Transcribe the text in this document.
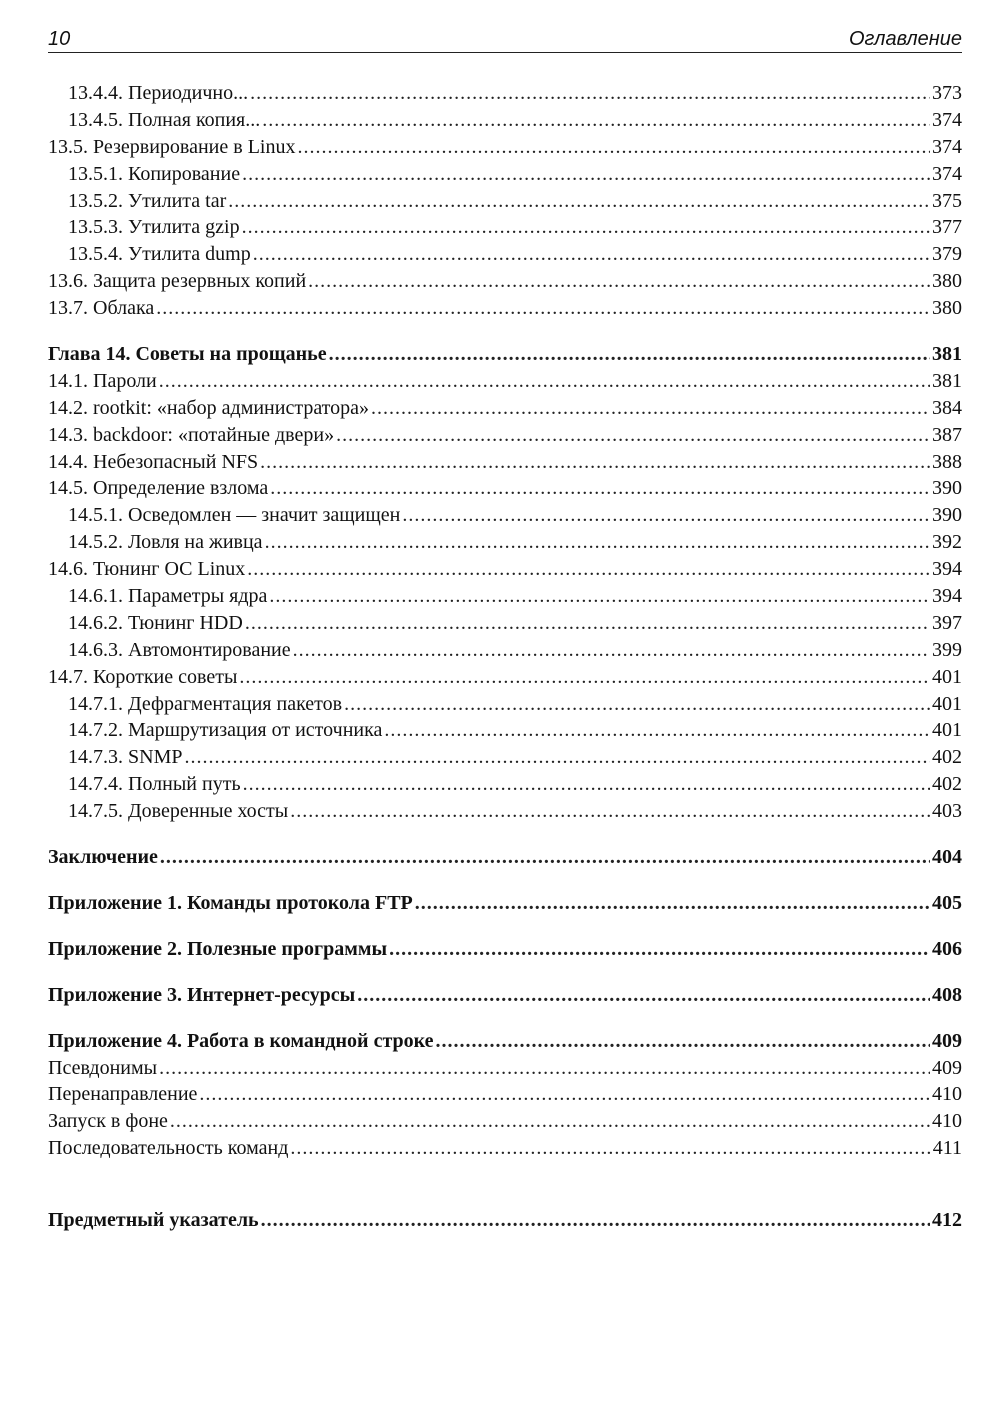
10	Оглавление
13.4.4. Периодично... .....	373
13.4.5. Полная копия... .....	374
13.5. Резервирование в Linux .....	374
13.5.1. Копирование .....	374
13.5.2. Утилита tar .....	375
13.5.3. Утилита gzip .....	377
13.5.4. Утилита dump .....	379
13.6. Защита резервных копий .....	380
13.7. Облака .....	380
Глава 14. Советы на прощанье .....	381
14.1. Пароли .....	381
14.2. rootkit: «набор администратора» .....	384
14.3. backdoor: «потайные двери» .....	387
14.4. Небезопасный NFS .....	388
14.5. Определение взлома .....	390
14.5.1. Осведомлен — значит защищен .....	390
14.5.2. Ловля на живца .....	392
14.6. Тюнинг ОС Linux .....	394
14.6.1. Параметры ядра .....	394
14.6.2. Тюнинг HDD .....	397
14.6.3. Автомонтирование .....	399
14.7. Короткие советы .....	401
14.7.1. Дефрагментация пакетов .....	401
14.7.2. Маршрутизация от источника .....	401
14.7.3. SNMP .....	402
14.7.4. Полный путь .....	402
14.7.5. Доверенные хосты .....	403
Заключение .....	404
Приложение 1. Команды протокола FTP .....	405
Приложение 2. Полезные программы .....	406
Приложение 3. Интернет-ресурсы .....	408
Приложение 4. Работа в командной строке .....	409
Псевдонимы .....	409
Перенаправление .....	410
Запуск в фоне .....	410
Последовательность команд .....	411
Предметный указатель .....	412
